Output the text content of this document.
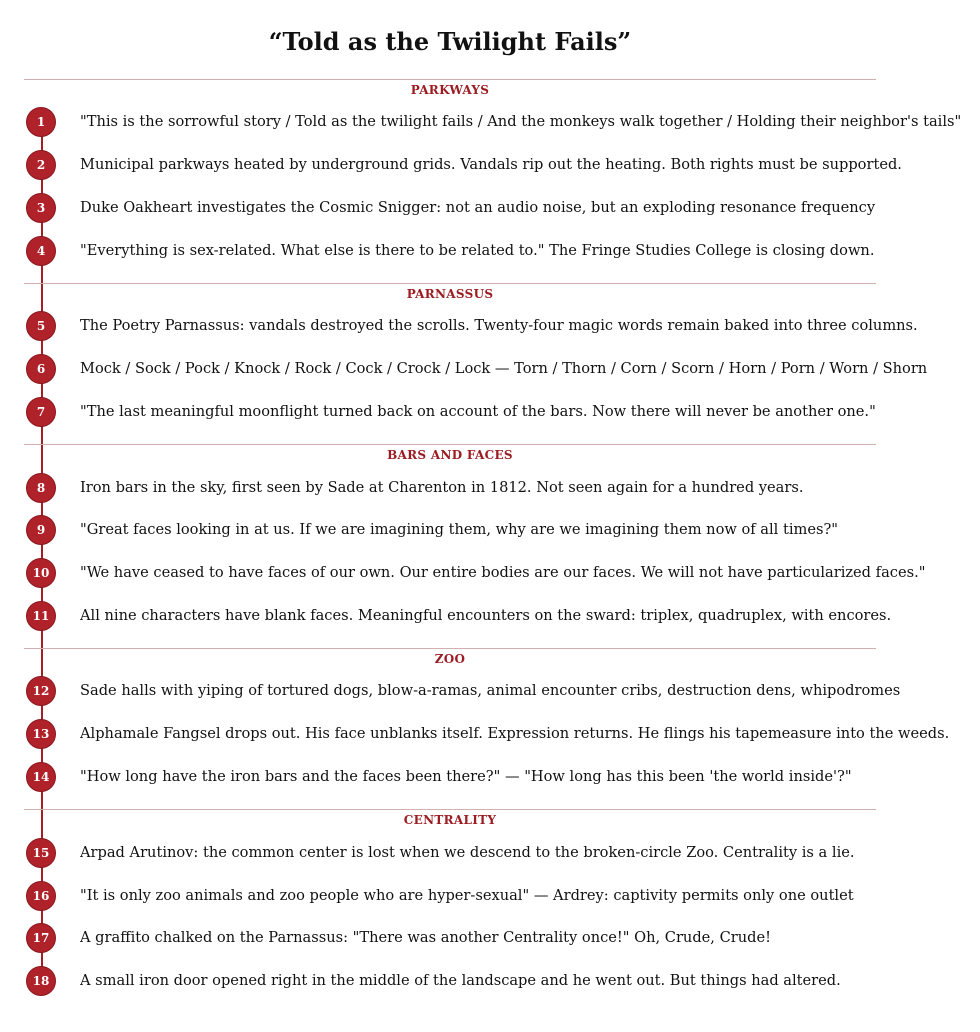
“Told as the Twilight Fails”
PARKWAYS
1	"This is the sorrowful story / Told as the twilight fails / And the monkeys walk together / Holding their neighbor's tails"
2	Municipal parkways heated by underground grids. Vandals rip out the heating. Both rights must be supported.
3	Duke Oakheart investigates the Cosmic Snigger: not an audio noise, but an exploding resonance frequency
4	"Everything is sex-related. What else is there to be related to." The Fringe Studies College is closing down.
PARNASSUS
5	The Poetry Parnassus: vandals destroyed the scrolls. Twenty-four magic words remain baked into three columns.
6	Mock / Sock / Pock / Knock / Rock / Cock / Crock / Lock — Torn / Thorn / Corn / Scorn / Horn / Porn / Worn / Shorn
7	"The last meaningful moonflight turned back on account of the bars. Now there will never be another one."
BARS AND FACES
8	Iron bars in the sky, first seen by Sade at Charenton in 1812. Not seen again for a hundred years.
9	"Great faces looking in at us. If we are imagining them, why are we imagining them now of all times?"
10	"We have ceased to have faces of our own. Our entire bodies are our faces. We will not have particularized faces."
11	All nine characters have blank faces. Meaningful encounters on the sward: triplex, quadruplex, with encores.
ZOO
12	Sade halls with yiping of tortured dogs, blow-a-ramas, animal encounter cribs, destruction dens, whipodromes
13	Alphamale Fangsel drops out. His face unblanks itself. Expression returns. He flings his tapemeasure into the weeds.
14	"How long have the iron bars and the faces been there?" — "How long has this been 'the world inside'?"
CENTRALITY
15	Arpad Arutinov: the common center is lost when we descend to the broken-circle Zoo. Centrality is a lie.
16	"It is only zoo animals and zoo people who are hyper-sexual" — Ardrey: captivity permits only one outlet
17	A graffito chalked on the Parnassus: "There was another Centrality once!" Oh, Crude, Crude!
18	A small iron door opened right in the middle of the landscape and he went out. But things had altered.
